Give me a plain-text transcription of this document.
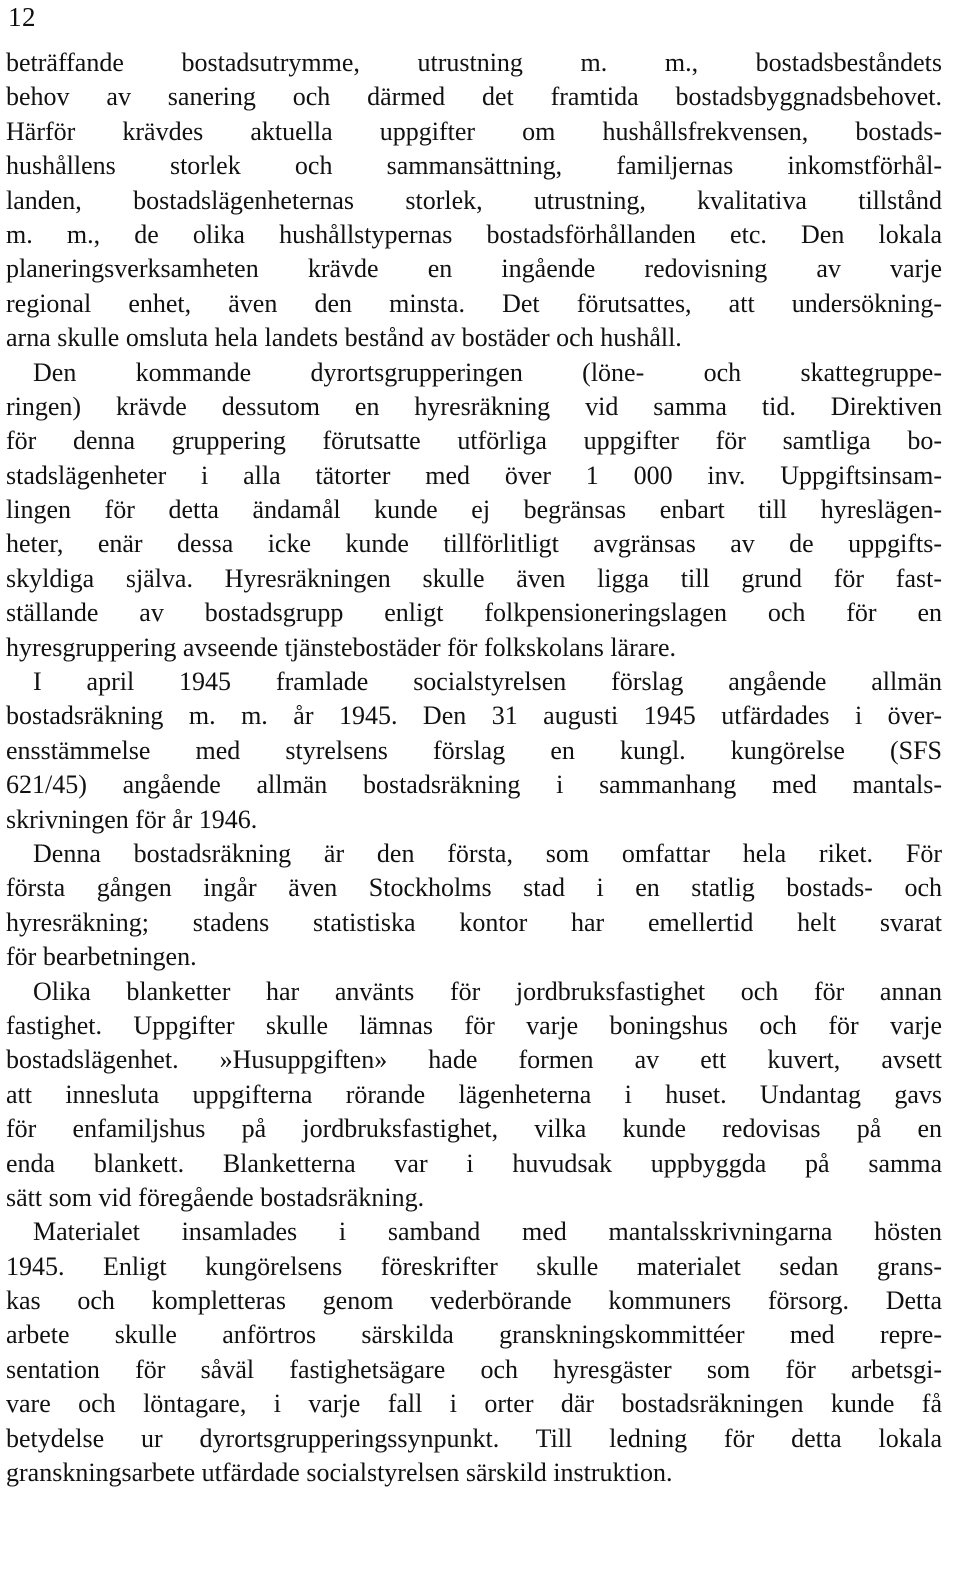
12
beträffande bostadsutrymme, utrustning m. m., bostadsbeståndets
behov av sanering och därmed det framtida bostadsbyggnadsbehovet.
Härför krävdes aktuella uppgifter om hushållsfrekvensen, bostads-
hushållens storlek och sammansättning, familjernas inkomstförhål-
landen, bostadslägenheternas storlek, utrustning, kvalitativa tillstånd
m. m., de olika hushållstypernas bostadsförhållanden etc. Den lokala
planeringsverksamheten krävde en ingående redovisning av varje
regional enhet, även den minsta. Det förutsattes, att undersökning-
arna skulle omsluta hela landets bestånd av bostäder och hushåll.
Den kommande dyrortsgrupperingen (löne- och skattegruppe-
ringen) krävde dessutom en hyresräkning vid samma tid. Direktiven
för denna gruppering förutsatte utförliga uppgifter för samtliga bo-
stadslägenheter i alla tätorter med över 1 000 inv. Uppgiftsinsam-
lingen för detta ändamål kunde ej begränsas enbart till hyreslägen-
heter, enär dessa icke kunde tillförlitligt avgränsas av de uppgifts-
skyldiga själva. Hyresräkningen skulle även ligga till grund för fast-
ställande av bostadsgrupp enligt folkpensioneringslagen och för en
hyresgruppering avseende tjänstebostäder för folkskolans lärare.
I april 1945 framlade socialstyrelsen förslag angående allmän
bostadsräkning m. m. år 1945. Den 31 augusti 1945 utfärdades i över-
ensstämmelse med styrelsens förslag en kungl. kungörelse (SFS
621/45) angående allmän bostadsräkning i sammanhang med mantals-
skrivningen för år 1946.
Denna bostadsräkning är den första, som omfattar hela riket. För
första gången ingår även Stockholms stad i en statlig bostads- och
hyresräkning; stadens statistiska kontor har emellertid helt svarat
för bearbetningen.
Olika blanketter har använts för jordbruksfastighet och för annan
fastighet. Uppgifter skulle lämnas för varje boningshus och för varje
bostadslägenhet. »Husuppgiften» hade formen av ett kuvert, avsett
att innesluta uppgifterna rörande lägenheterna i huset. Undantag gavs
för enfamiljshus på jordbruksfastighet, vilka kunde redovisas på en
enda blankett. Blanketterna var i huvudsak uppbyggda på samma
sätt som vid föregående bostadsräkning.
Materialet insamlades i samband med mantalsskrivningarna hösten
1945. Enligt kungörelsens föreskrifter skulle materialet sedan grans-
kas och kompletteras genom vederbörande kommuners försorg. Detta
arbete skulle anförtros särskilda granskningskommittéer med repre-
sentation för såväl fastighetsägare och hyresgäster som för arbetsgi-
vare och löntagare, i varje fall i orter där bostadsräkningen kunde få
betydelse ur dyrortsgrupperingssynpunkt. Till ledning för detta lokala
granskningsarbete utfärdade socialstyrelsen särskild instruktion.
